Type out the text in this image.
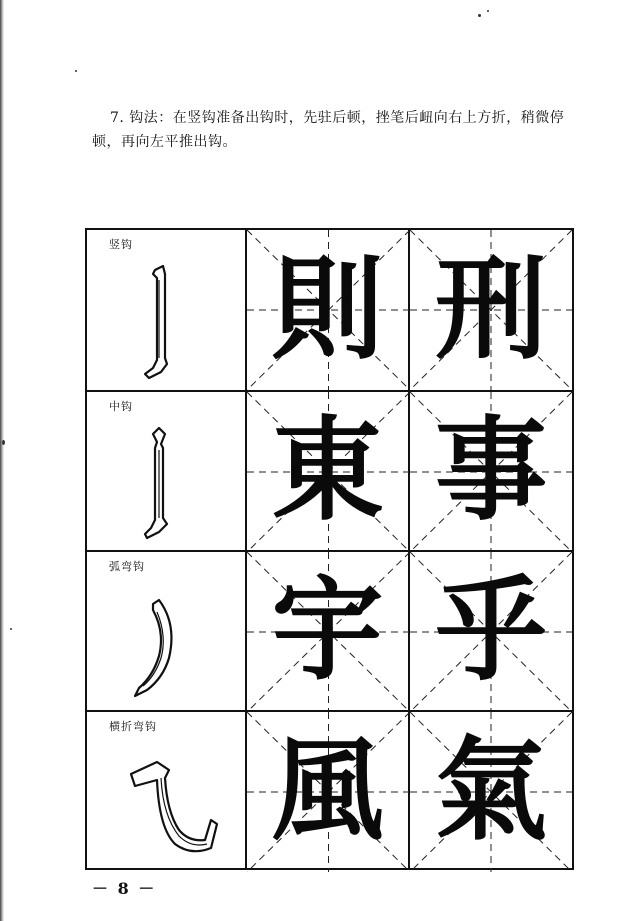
7. 钩法：在竖钩准备出钩时，先驻后顿，挫笔后衄向右上方折，稍微停
顿，再向左平推出钩。
竖钩 則 刑
中钩 東 事
弧弯钩 宇 乎
横折弯钩 風 氣
－ 8 －
